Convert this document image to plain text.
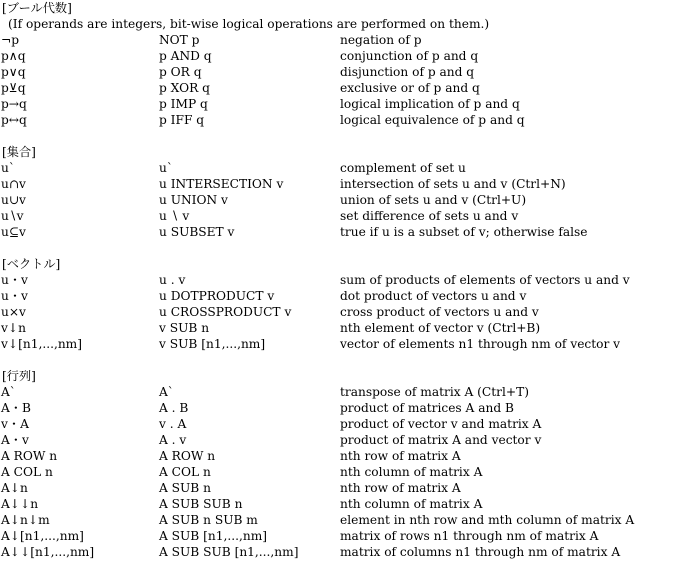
[ブール代数]
(If operands are integers, bit-wise logical operations are performed on them.)
¬p	NOT p	negation of p
p∧q	p AND q	conjunction of p and q
p∨q	p OR q	disjunction of p and q
p⊻q	p XOR q	exclusive or of p and q
p→q	p IMP q	logical implication of p and q
p↔q	p IFF q	logical equivalence of p and q
[集合]
u`	u`	complement of set u
u∩v	u INTERSECTION v	intersection of sets u and v (Ctrl+N)
u∪v	u UNION v	union of sets u and v (Ctrl+U)
u∖v	u ∖ v	set difference of sets u and v
u⊆v	u SUBSET v	true if u is a subset of v; otherwise false
[ベクトル]
u・v	u . v	sum of products of elements of vectors u and v
u・v	u DOTPRODUCT v	dot product of vectors u and v
u×v	u CROSSPRODUCT v	cross product of vectors u and v
v↓n	v SUB n	nth element of vector v (Ctrl+B)
v↓[n1,...,nm]	v SUB [n1,...,nm]	vector of elements n1 through nm of vector v
[行列]
A`	A`	transpose of matrix A (Ctrl+T)
A・B	A . B	product of matrices A and B
v・A	v . A	product of vector v and matrix A
A・v	A . v	product of matrix A and vector v
A ROW n	A ROW n	nth row of matrix A
A COL n	A COL n	nth column of matrix A
A↓n	A SUB n	nth row of matrix A
A↓↓n	A SUB SUB n	nth column of matrix A
A↓n↓m	A SUB n SUB m	element in nth row and mth column of matrix A
A↓[n1,...,nm]	A SUB [n1,...,nm]	matrix of rows n1 through nm of matrix A
A↓↓[n1,...,nm]	A SUB SUB [n1,...,nm]	matrix of columns n1 through nm of matrix A
